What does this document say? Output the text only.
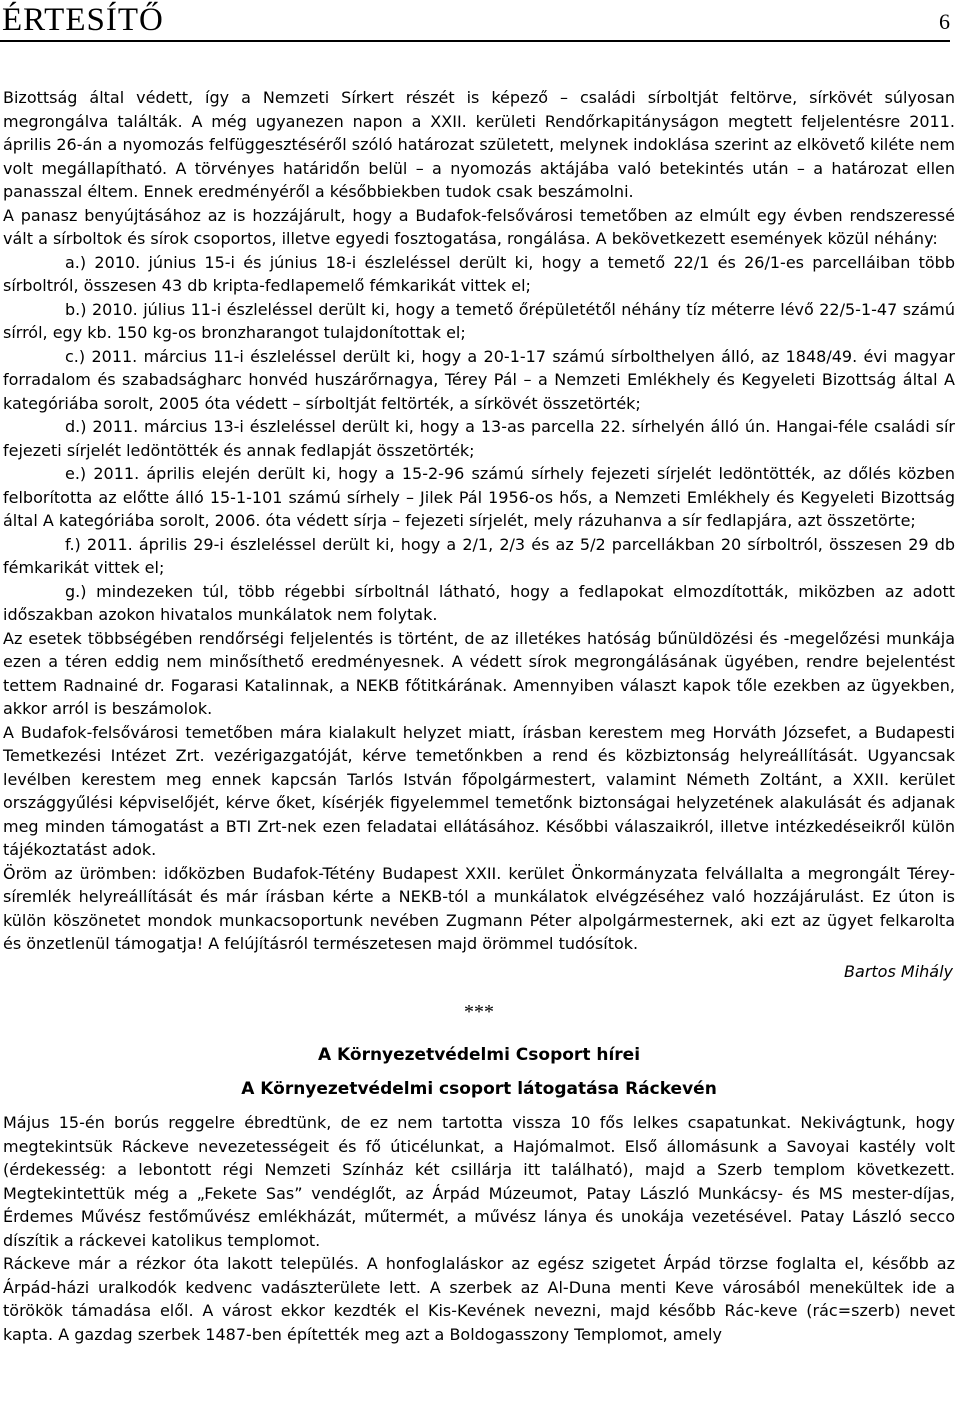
ÉRTESÍTŐ	6

Bizottság által védett, így a Nemzeti Sírkert részét is képező – családi sírboltját feltörve, sírkövét súlyosan megrongálva találták. A még ugyanezen napon a XXII. kerületi Rendőrkapitányságon megtett feljelentésre 2011. április 26-án a nyomozás felfüggesztéséről szóló határozat született, melynek indoklása szerint az elkövető kiléte nem volt megállapítható. A törvényes határidőn belül – a nyomozás aktájába való betekintés után – a határozat ellen panasszal éltem. Ennek eredményéről a későbbiekben tudok csak beszámolni.

A panasz benyújtásához az is hozzájárult, hogy a Budafok-felsővárosi temetőben az elmúlt egy évben rendszeressé vált a sírboltok és sírok csoportos, illetve egyedi fosztogatása, rongálása. A bekövetkezett események közül néhány:

a.) 2010. június 15-i és június 18-i észleléssel derült ki, hogy a temető 22/1 és 26/1-es parcelláiban több sírboltról, összesen 43 db kripta-fedlapemelő fémkarikát vittek el;

b.) 2010. július 11-i észleléssel derült ki, hogy a temető őrépületétől néhány tíz méterre lévő 22/5-1-47 számú sírról, egy kb. 150 kg-os bronzharangot tulajdonítottak el;

c.) 2011. március 11-i észleléssel derült ki, hogy a 20-1-17 számú sírbolthelyen álló, az 1848/49. évi magyar forradalom és szabadságharc honvéd huszárőrnagya, Térey Pál – a Nemzeti Emlékhely és Kegyeleti Bizottság által A kategóriába sorolt, 2005 óta védett – sírboltját feltörték, a sírkövét összetörték;

d.) 2011. március 13-i észleléssel derült ki, hogy a 13-as parcella 22. sírhelyén álló ún. Hangai-féle családi sír fejezeti sírjelét ledöntötték és annak fedlapját összetörték;

e.) 2011. április elején derült ki, hogy a 15-2-96 számú sírhely fejezeti sírjelét ledöntötték, az dőlés közben felborította az előtte álló 15-1-101 számú sírhely – Jilek Pál 1956-os hős, a Nemzeti Emlékhely és Kegyeleti Bizottság által A kategóriába sorolt, 2006. óta védett sírja – fejezeti sírjelét, mely rázuhanva a sír fedlapjára, azt összetörte;

f.) 2011. április 29-i észleléssel derült ki, hogy a 2/1, 2/3 és az 5/2 parcellákban 20 sírboltról, összesen 29 db fémkarikát vittek el;

g.) mindezeken túl, több régebbi sírboltnál látható, hogy a fedlapokat elmozdították, miközben az adott időszakban azokon hivatalos munkálatok nem folytak.

Az esetek többségében rendőrségi feljelentés is történt, de az illetékes hatóság bűnüldözési és -megelőzési munkája ezen a téren eddig nem minősíthető eredményesnek. A védett sírok megrongálásának ügyében, rendre bejelentést tettem Radnainé dr. Fogarasi Katalinnak, a NEKB főtitkárának. Amennyiben választ kapok tőle ezekben az ügyekben, akkor arról is beszámolok.

A Budafok-felsővárosi temetőben mára kialakult helyzet miatt, írásban kerestem meg Horváth Józsefet, a Budapesti Temetkezési Intézet Zrt. vezérigazgatóját, kérve temetőnkben a rend és közbiztonság helyreállítását. Ugyancsak levélben kerestem meg ennek kapcsán Tarlós István főpolgármestert, valamint Németh Zoltánt, a XXII. kerület országgyűlési képviselőjét, kérve őket, kísérjék figyelemmel temetőnk biztonságai helyzetének alakulását és adjanak meg minden támogatást a BTI Zrt-nek ezen feladatai ellátásához. Későbbi válaszaikról, illetve intézkedéseikről külön tájékoztatást adok.

Öröm az ürömben: időközben Budafok-Tétény Budapest XXII. kerület Önkormányzata felvállalta a megrongált Térey-síremlék helyreállítását és már írásban kérte a NEKB-tól a munkálatok elvégzéséhez való hozzájárulást. Ez úton is külön köszönetet mondok munkacsoportunk nevében Zugmann Péter alpolgármesternek, aki ezt az ügyet felkarolta és önzetlenül támogatja! A felújításról természetesen majd örömmel tudósítok.

Bartos Mihály
***
A Környezetvédelmi Csoport hírei
A Környezetvédelmi csoport látogatása Ráckevén

Május 15-én borús reggelre ébredtünk, de ez nem tartotta vissza 10 fős lelkes csapatunkat. Nekivágtunk, hogy megtekintsük Ráckeve nevezetességeit és fő úticélunkat, a Hajómalmot. Első állomásunk a Savoyai kastély volt (érdekesség: a lebontott régi Nemzeti Színház két csillárja itt található), majd a Szerb templom következett. Megtekintettük még a „Fekete Sas” vendéglőt, az Árpád Múzeumot, Patay László Munkácsy- és MS mester-díjas, Érdemes Művész festőművész emlékházát, műtermét, a művész lánya és unokája vezetésével. Patay László secco díszítik a ráckevei katolikus templomot.

Ráckeve már a rézkor óta lakott település. A honfoglaláskor az egész szigetet Árpád törzse foglalta el, később az Árpád-házi uralkodók kedvenc vadászterülete lett. A szerbek az Al-Duna menti Keve városából menekültek ide a törökök támadása elől. A várost ekkor kezdték el Kis-Kevének nevezni, majd később Rác-keve (rác=szerb) nevet kapta. A gazdag szerbek 1487-ben építették meg azt a Boldogasszony Templomot, amely
